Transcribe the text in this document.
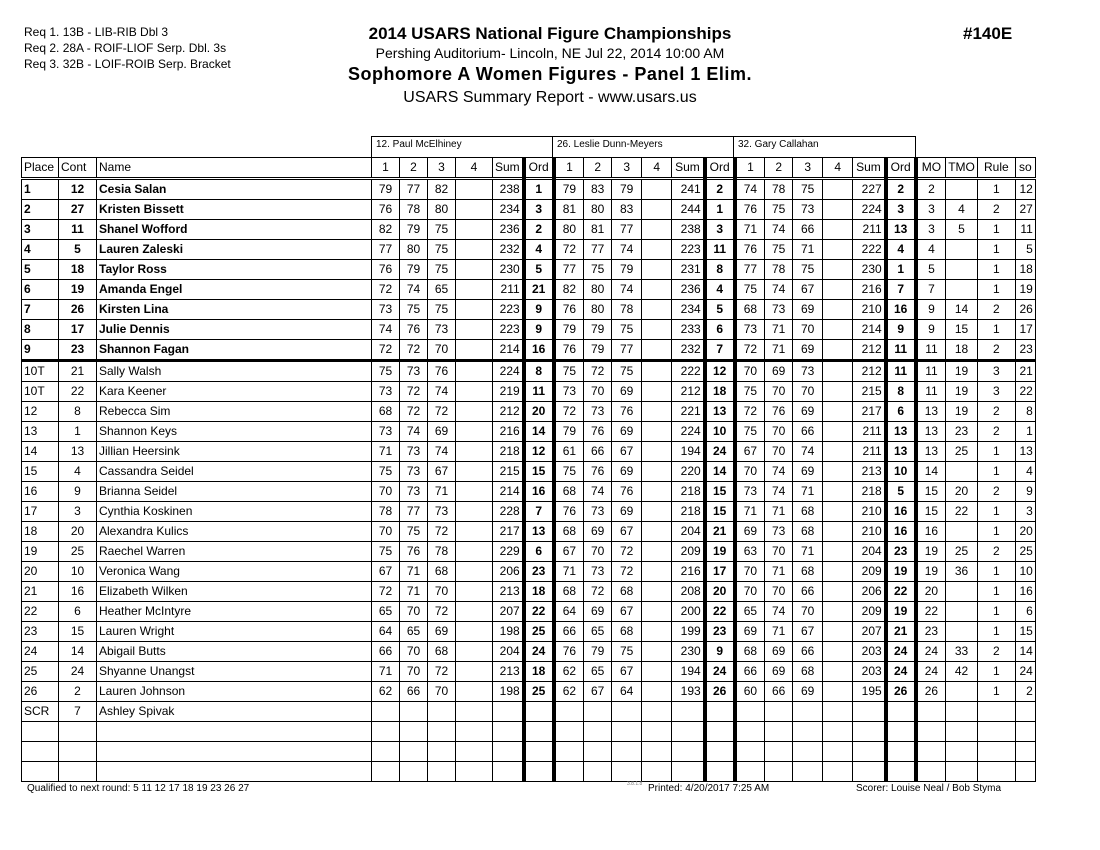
Req 1. 13B - LIB-RIB Dbl 3
Req 2. 28A - ROIF-LIOF Serp. Dbl. 3s
Req 3. 32B - LOIF-ROIB Serp. Bracket
2014 USARS National Figure Championships
Pershing Auditorium- Lincoln, NE Jul 22, 2014 10:00 AM
Sophomore A Women Figures - Panel 1 Elim.
USARS Summary Report - www.usars.us
#140E
12. Paul McElhiney	26. Leslie Dunn-Meyers	32. Gary Callahan
Place	Cont	Name	1	2	3	4	Sum	Ord	1	2	3	4	Sum	Ord	1	2	3	4	Sum	Ord	MO	TMO	Rule	so
1	12	Cesia Salan	79	77	82		238	1	79	83	79		241	2	74	78	75		227	2	2		1	12
2	27	Kristen Bissett	76	78	80		234	3	81	80	83		244	1	76	75	73		224	3	3	4	2	27
3	11	Shanel Wofford	82	79	75		236	2	80	81	77		238	3	71	74	66		211	13	3	5	1	11
4	5	Lauren Zaleski	77	80	75		232	4	72	77	74		223	11	76	75	71		222	4	4		1	5
5	18	Taylor Ross	76	79	75		230	5	77	75	79		231	8	77	78	75		230	1	5		1	18
6	19	Amanda Engel	72	74	65		211	21	82	80	74		236	4	75	74	67		216	7	7		1	19
7	26	Kirsten Lina	73	75	75		223	9	76	80	78		234	5	68	73	69		210	16	9	14	2	26
8	17	Julie Dennis	74	76	73		223	9	79	79	75		233	6	73	71	70		214	9	9	15	1	17
9	23	Shannon Fagan	72	72	70		214	16	76	79	77		232	7	72	71	69		212	11	11	18	2	23
10T	21	Sally Walsh	75	73	76		224	8	75	72	75		222	12	70	69	73		212	11	11	19	3	21
10T	22	Kara Keener	73	72	74		219	11	73	70	69		212	18	75	70	70		215	8	11	19	3	22
12	8	Rebecca Sim	68	72	72		212	20	72	73	76		221	13	72	76	69		217	6	13	19	2	8
13	1	Shannon Keys	73	74	69		216	14	79	76	69		224	10	75	70	66		211	13	13	23	2	1
14	13	Jillian Heersink	71	73	74		218	12	61	66	67		194	24	67	70	74		211	13	13	25	1	13
15	4	Cassandra Seidel	75	73	67		215	15	75	76	69		220	14	70	74	69		213	10	14		1	4
16	9	Brianna Seidel	70	73	71		214	16	68	74	76		218	15	73	74	71		218	5	15	20	2	9
17	3	Cynthia Koskinen	78	77	73		228	7	76	73	69		218	15	71	71	68		210	16	15	22	1	3
18	20	Alexandra Kulics	70	75	72		217	13	68	69	67		204	21	69	73	68		210	16	16		1	20
19	25	Raechel Warren	75	76	78		229	6	67	70	72		209	19	63	70	71		204	23	19	25	2	25
20	10	Veronica Wang	67	71	68		206	23	71	73	72		216	17	70	71	68		209	19	19	36	1	10
21	16	Elizabeth Wilken	72	71	70		213	18	68	72	68		208	20	70	70	66		206	22	20		1	16
22	6	Heather McIntyre	65	70	72		207	22	64	69	67		200	22	65	74	70		209	19	22		1	6
23	15	Lauren Wright	64	65	69		198	25	66	65	68		199	23	69	71	67		207	21	23		1	15
24	14	Abigail Butts	66	70	68		204	24	76	79	75		230	9	68	69	66		203	24	24	33	2	14
25	24	Shyanne Unangst	71	70	72		213	18	62	65	67		194	24	66	69	68		203	24	24	42	1	24
26	2	Lauren Johnson	62	66	70		198	25	62	67	64		193	26	60	66	69		195	26	26		1	2
SCR	7	Ashley Spivak																						

Qualified to next round: 5 11 12 17 18 19 23 26 27	3.8.1.8 Printed: 4/20/2017 7:25 AM	Scorer: Louise Neal / Bob Styma
